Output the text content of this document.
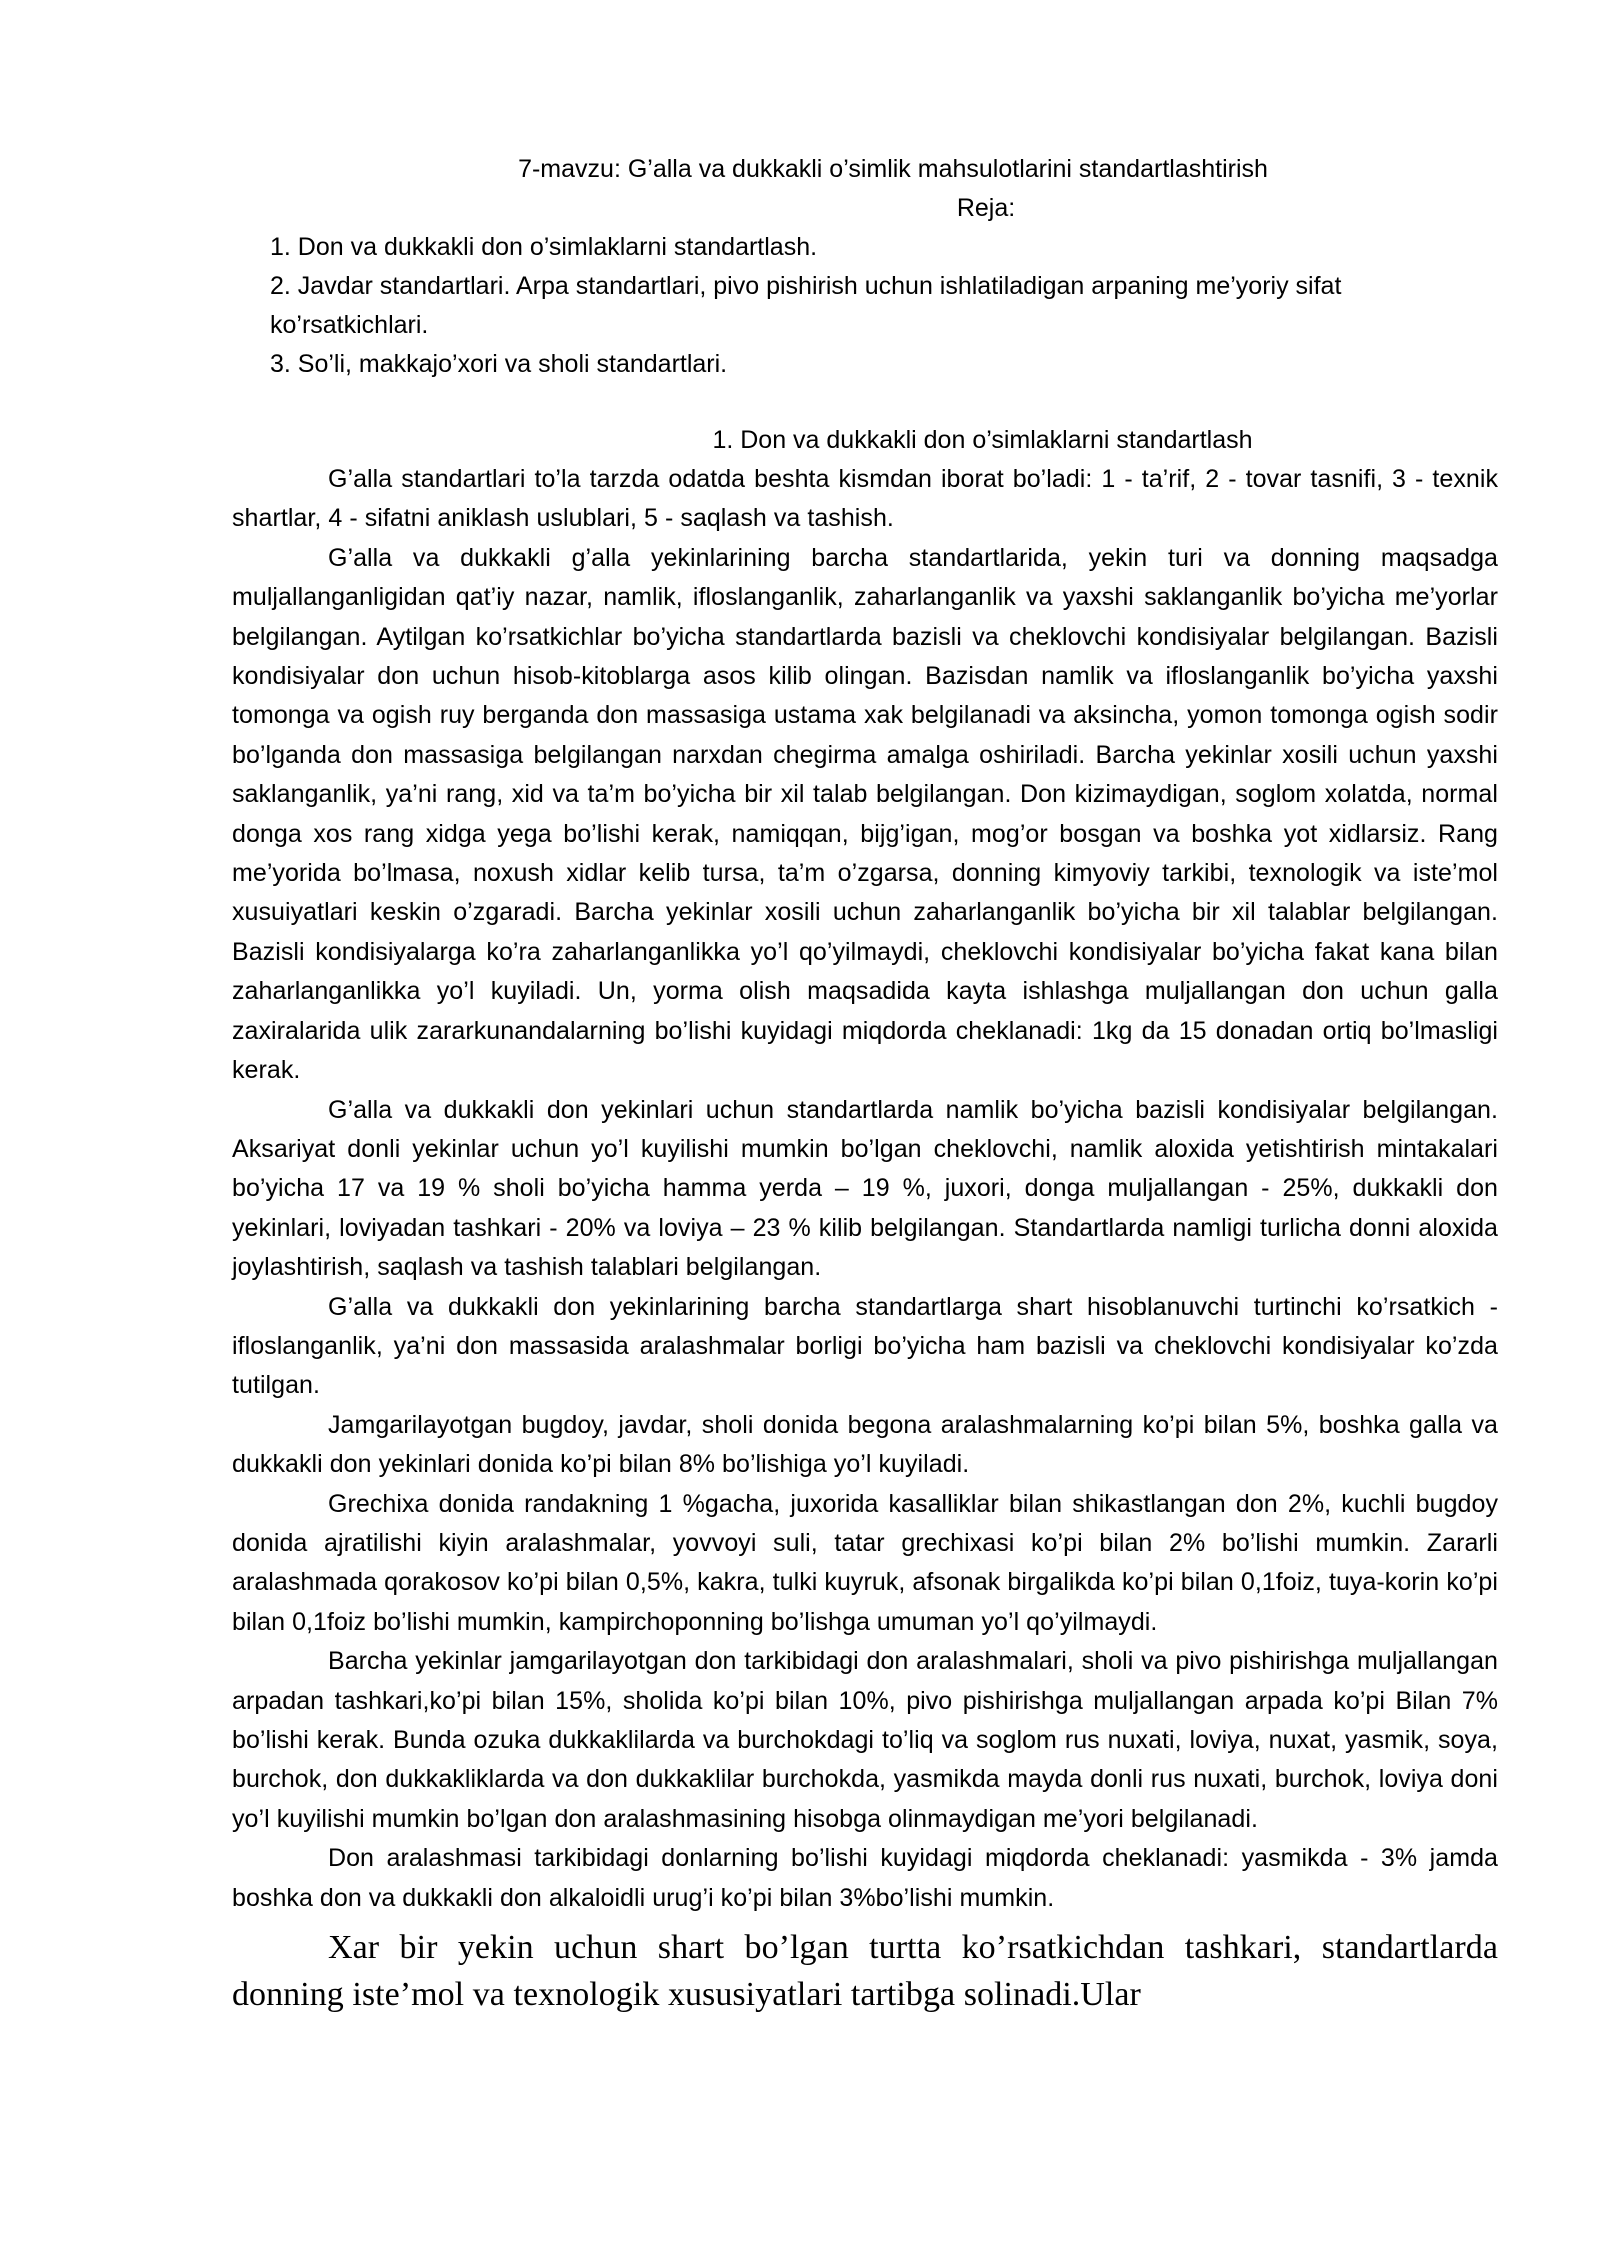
7-mavzu: G’alla va dukkakli o’simlik mahsulotlarini standartlashtirish

Reja:

1. Don va dukkakli don o’simlaklarni standartlash.
2. Javdar standartlari. Arpa standartlari, pivo pishirish uchun ishlatiladigan arpaning me’yoriy sifat ko’rsatkichlari.
3. So’li, makkajo’xori va sholi standartlari.

1. Don va dukkakli don o’simlaklarni standartlash

G’alla standartlari to’la tarzda odatda beshta kismdan iborat bo’ladi: 1 - ta’rif, 2 - tovar tasnifi, 3 - texnik shartlar, 4 - sifatni aniklash uslublari, 5 - saqlash va tashish.

G’alla va dukkakli g’alla yekinlarining barcha standartlarida, yekin turi va donning maqsadga muljallanganligidan qat’iy nazar, namlik, ifloslanganlik, zaharlanganlik va yaxshi saklanganlik bo’yicha me’yorlar belgilangan. Aytilgan ko’rsatkichlar bo’yicha standartlarda bazisli va cheklovchi kondisiyalar belgilangan. Bazisli kondisiyalar don uchun hisob-kitoblarga asos kilib olingan. Bazisdan namlik va ifloslanganlik bo’yicha yaxshi tomonga va ogish ruy berganda don massasiga ustama xak belgilanadi va aksincha, yomon tomonga ogish sodir bo’lganda don massasiga belgilangan narxdan chegirma amalga oshiriladi. Barcha yekinlar xosili uchun yaxshi saklanganlik, ya’ni rang, xid va ta’m bo’yicha bir xil talab belgilangan. Don kizimaydigan, soglom xolatda, normal donga xos rang xidga yega bo’lishi kerak, namiqqan, bijg’igan, mog’or bosgan va boshka yot xidlarsiz. Rang me’yorida bo’lmasa, noxush xidlar kelib tursa, ta’m o’zgarsa, donning kimyoviy tarkibi, texnologik va iste’mol xusuiyatlari keskin o’zgaradi. Barcha yekinlar xosili uchun zaharlanganlik bo’yicha bir xil talablar belgilangan. Bazisli kondisiyalarga ko’ra zaharlanganlikka yo’l qo’yilmaydi, cheklovchi kondisiyalar bo’yicha fakat kana bilan zaharlanganlikka yo’l kuyiladi. Un, yorma olish maqsadida kayta ishlashga muljallangan don uchun galla zaxiralarida ulik zararkunandalarning bo’lishi kuyidagi miqdorda cheklanadi: 1kg da 15 donadan ortiq bo’lmasligi kerak.

G’alla va dukkakli don yekinlari uchun standartlarda namlik bo’yicha bazisli kondisiyalar belgilangan. Aksariyat donli yekinlar uchun yo’l kuyilishi mumkin bo’lgan cheklovchi, namlik aloxida yetishtirish mintakalari bo’yicha 17 va 19 % sholi bo’yicha hamma yerda – 19 %, juxori, donga muljallangan - 25%, dukkakli don yekinlari, loviyadan tashkari - 20% va loviya – 23 % kilib belgilangan. Standartlarda namligi turlicha donni aloxida joylashtirish, saqlash va tashish talablari belgilangan.

G’alla va dukkakli don yekinlarining barcha standartlarga shart hisoblanuvchi turtinchi ko’rsatkich - ifloslanganlik, ya’ni don massasida aralashmalar borligi bo’yicha ham bazisli va cheklovchi kondisiyalar ko’zda tutilgan.

Jamgarilayotgan bugdoy, javdar, sholi donida begona aralashmalarning ko’pi bilan 5%, boshka galla va dukkakli don yekinlari donida ko’pi bilan 8% bo’lishiga yo’l kuyiladi.

Grechixa donida randakning 1 %gacha, juxorida kasalliklar bilan shikastlangan don 2%, kuchli bugdoy donida ajratilishi kiyin aralashmalar, yovvoyi suli, tatar grechixasi ko’pi bilan 2% bo’lishi mumkin. Zararli aralashmada qorakosov ko’pi bilan 0,5%, kakra, tulki kuyruk, afsonak birgalikda ko’pi bilan 0,1foiz, tuya-korin ko’pi bilan 0,1foiz bo’lishi mumkin, kampirchoponning bo’lishga umuman yo’l qo’yilmaydi.

Barcha yekinlar jamgarilayotgan don tarkibidagi don aralashmalari, sholi va pivo pishirishga muljallangan arpadan tashkari,ko’pi bilan 15%, sholida ko’pi bilan 10%, pivo pishirishga muljallangan arpada ko’pi Bilan 7% bo’lishi kerak. Bunda ozuka dukkaklilarda va burchokdagi to’liq va soglom rus nuxati, loviya, nuxat, yasmik, soya, burchok, don dukkakliklarda va don dukkaklilar burchokda, yasmikda mayda donli rus nuxati, burchok, loviya doni yo’l kuyilishi mumkin bo’lgan don aralashmasining hisobga olinmaydigan me’yori belgilanadi.

Don aralashmasi tarkibidagi donlarning bo’lishi kuyidagi miqdorda cheklanadi: yasmikda - 3% jamda boshka don va dukkakli don alkaloidli urug’i ko’pi bilan 3%bo’lishi mumkin.

Xar bir yekin uchun shart bo’lgan turtta ko’rsatkichdan tashkari, standartlarda donning iste’mol va texnologik xususiyatlari tartibga solinadi.Ular
